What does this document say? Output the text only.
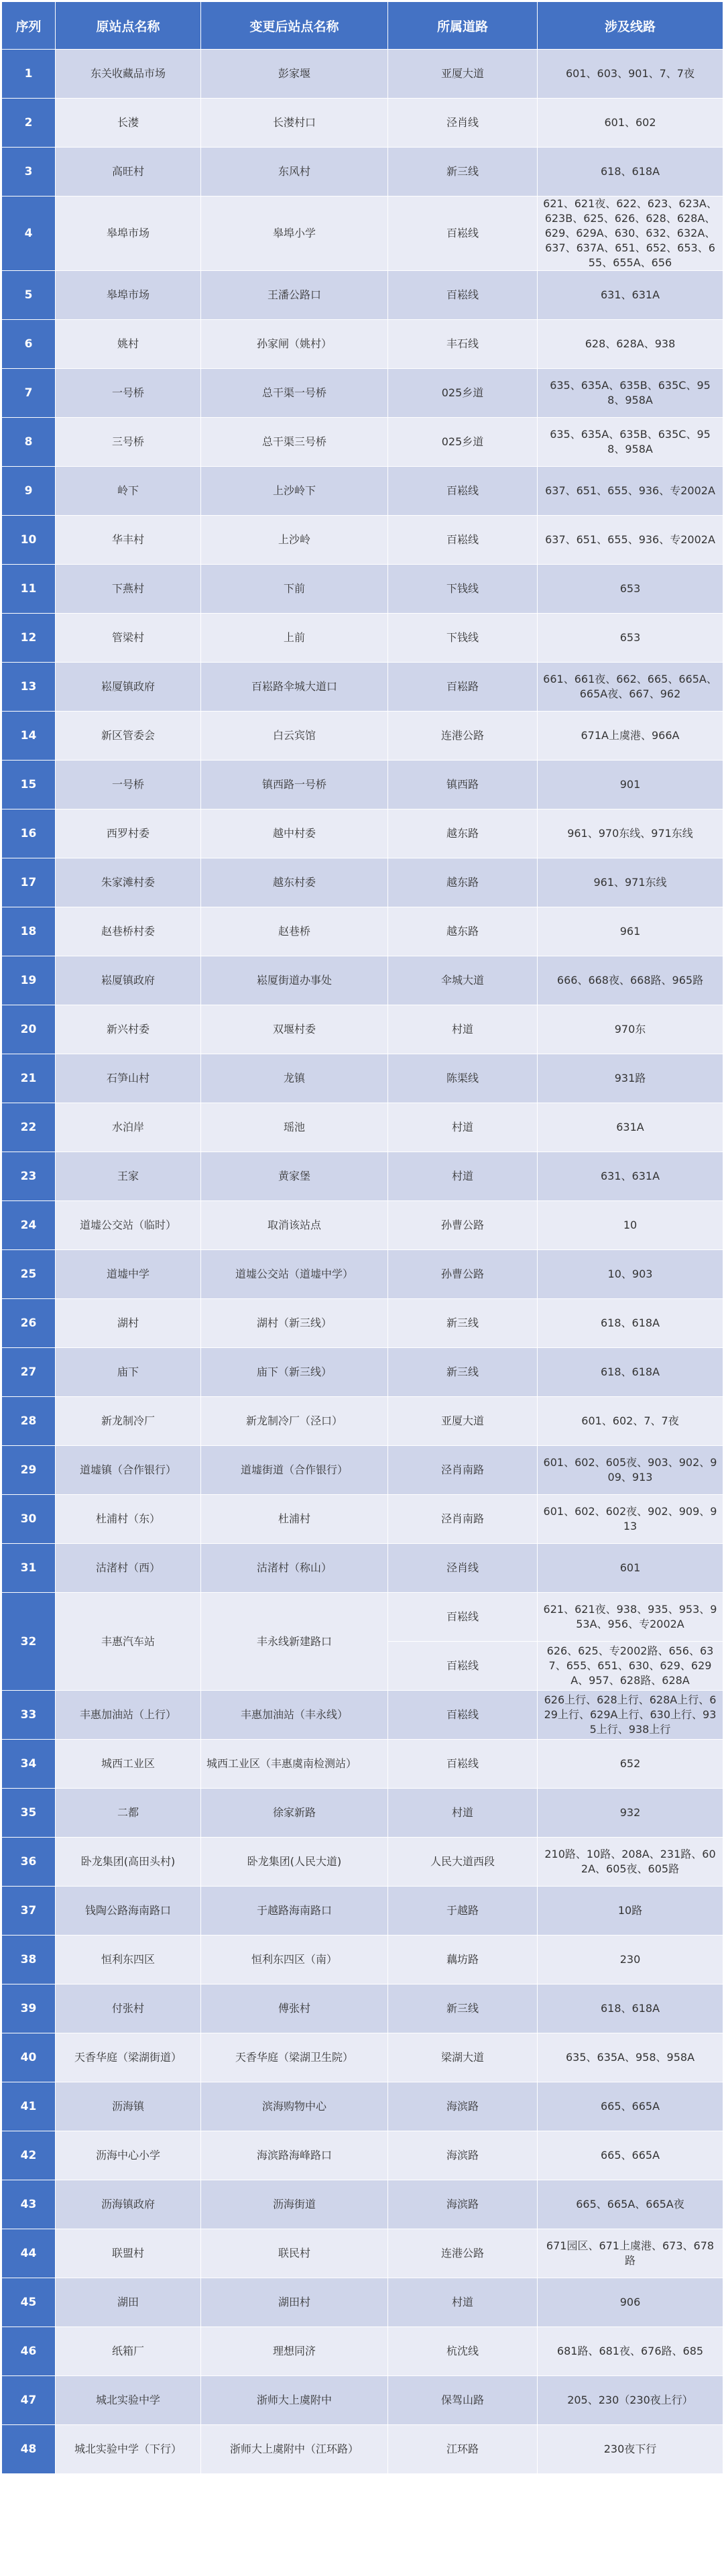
序列	原站点名称	变更后站点名称	所属道路	涉及线路
1	东关收藏品市场	彭家堰	亚厦大道	601、603、901、7、7夜
2	长漤	长漤村口	泾肖线	601、602
3	高旺村	东风村	新三线	618、618A
4	皋埠市场	皋埠小学	百崧线	621、621夜、622、623、623A、623B、625、626、628、628A、629、629A、630、632、632A、637、637A、651、652、653、655、655A、656
5	皋埠市场	王潘公路口	百崧线	631、631A
6	姚村	孙家闸（姚村）	丰石线	628、628A、938
7	一号桥	总干渠一号桥	025乡道	635、635A、635B、635C、958、958A
8	三号桥	总干渠三号桥	025乡道	635、635A、635B、635C、958、958A
9	岭下	上沙岭下	百崧线	637、651、655、936、专2002A
10	华丰村	上沙岭	百崧线	637、651、655、936、专2002A
11	下燕村	下前	下钱线	653
12	管梁村	上前	下钱线	653
13	崧厦镇政府	百崧路伞城大道口	百崧路	661、661夜、662、665、665A、665A夜、667、962
14	新区管委会	白云宾馆	连港公路	671A上虞港、966A
15	一号桥	镇西路一号桥	镇西路	901
16	西罗村委	越中村委	越东路	961、970东线、971东线
17	朱家滩村委	越东村委	越东路	961、971东线
18	赵巷桥村委	赵巷桥	越东路	961
19	崧厦镇政府	崧厦街道办事处	伞城大道	666、668夜、668路、965路
20	新兴村委	双堰村委	村道	970东
21	石笋山村	龙镇	陈渠线	931路
22	水泊岸	瑶池	村道	631A
23	王家	黄家堡	村道	631、631A
24	道墟公交站（临时）	取消该站点	孙曹公路	10
25	道墟中学	道墟公交站（道墟中学）	孙曹公路	10、903
26	湖村	湖村（新三线）	新三线	618、618A
27	庙下	庙下（新三线）	新三线	618、618A
28	新龙制冷厂	新龙制冷厂（泾口）	亚厦大道	601、602、7、7夜
29	道墟镇（合作银行）	道墟街道（合作银行）	泾肖南路	601、602、605夜、903、902、909、913
30	杜浦村（东）	杜浦村	泾肖南路	601、602、602夜、902、909、913
31	沽渚村（西）	沽渚村（称山）	泾肖线	601
32	丰惠汽车站	丰永线新建路口	百崧线	621、621夜、938、935、953、953A、956、专2002A
			百崧线	626、625、专2002路、656、637、655、651、630、629、629A、957、628路、628A
33	丰惠加油站（上行）	丰惠加油站（丰永线）	百崧线	626上行、628上行、628A上行、629上行、629A上行、630上行、935上行、938上行
34	城西工业区	城西工业区（丰惠虞南检测站）	百崧线	652
35	二都	徐家新路	村道	932
36	卧龙集团(高田头村)	卧龙集团(人民大道)	人民大道西段	210路、10路、208A、231路、602A、605夜、605路
37	钱陶公路海南路口	于越路海南路口	于越路	10路
38	恒利东四区	恒利东四区（南）	藕坊路	230
39	付张村	傅张村	新三线	618、618A
40	天香华庭（梁湖街道）	天香华庭（梁湖卫生院）	梁湖大道	635、635A、958、958A
41	沥海镇	滨海购物中心	海滨路	665、665A
42	沥海中心小学	海滨路海峰路口	海滨路	665、665A
43	沥海镇政府	沥海街道	海滨路	665、665A、665A夜
44	联盟村	联民村	连港公路	671园区、671上虞港、673、678路
45	湖田	湖田村	村道	906
46	纸箱厂	理想同济	杭沈线	681路、681夜、676路、685
47	城北实验中学	浙师大上虞附中	保驾山路	205、230（230夜上行）
48	城北实验中学（下行）	浙师大上虞附中（江环路）	江环路	230夜下行
